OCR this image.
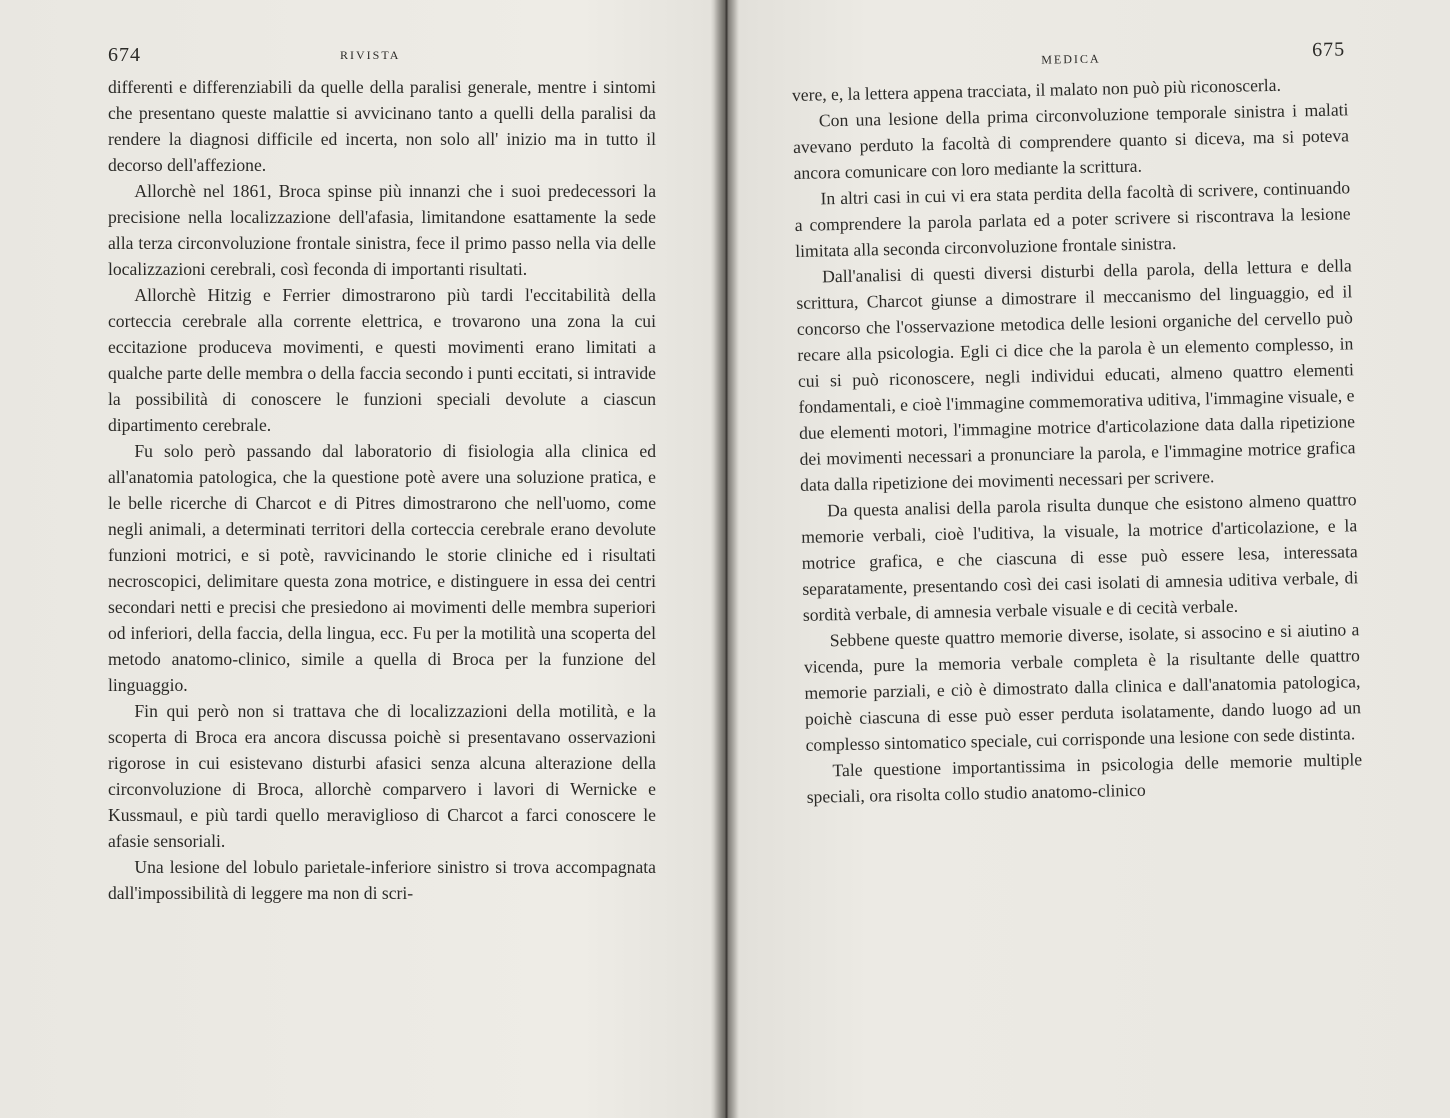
674	RIVISTA

differenti e differenziabili da quelle della paralisi generale, mentre i sintomi che presentano queste malattie si avvicinano tanto a quelli della paralisi da rendere la diagnosi difficile ed incerta, non solo all' inizio ma in tutto il decorso dell'affezione.

Allorchè nel 1861, Broca spinse più innanzi che i suoi predecessori la precisione nella localizzazione dell'afasia, limitandone esattamente la sede alla terza circonvoluzione frontale sinistra, fece il primo passo nella via delle localizzazioni cerebrali, così feconda di importanti risultati.

Allorchè Hitzig e Ferrier dimostrarono più tardi l'eccitabilità della corteccia cerebrale alla corrente elettrica, e trovarono una zona la cui eccitazione produceva movimenti, e questi movimenti erano limitati a qualche parte delle membra o della faccia secondo i punti eccitati, si intravide la possibilità di conoscere le funzioni speciali devolute a ciascun dipartimento cerebrale.

Fu solo però passando dal laboratorio di fisiologia alla clinica ed all'anatomia patologica, che la questione potè avere una soluzione pratica, e le belle ricerche di Charcot e di Pitres dimostrarono che nell'uomo, come negli animali, a determinati territori della corteccia cerebrale erano devolute funzioni motrici, e si potè, ravvicinando le storie cliniche ed i risultati necroscopici, delimitare questa zona motrice, e distinguere in essa dei centri secondari netti e precisi che presiedono ai movimenti delle membra superiori od inferiori, della faccia, della lingua, ecc. Fu per la motilità una scoperta del metodo anatomo-clinico, simile a quella di Broca per la funzione del linguaggio.

Fin qui però non si trattava che di localizzazioni della motilità, e la scoperta di Broca era ancora discussa poichè si presentavano osservazioni rigorose in cui esistevano disturbi afasici senza alcuna alterazione della circonvoluzione di Broca, allorchè comparvero i lavori di Wernicke e Kussmaul, e più tardi quello meraviglioso di Charcot a farci conoscere le afasie sensoriali.

Una lesione del lobulo parietale-inferiore sinistro si trova accompagnata dall'impossibilità di leggere ma non di scri-

MEDICA	675

vere, e, la lettera appena tracciata, il malato non può più riconoscerla.

Con una lesione della prima circonvoluzione temporale sinistra i malati avevano perduto la facoltà di comprendere quanto si diceva, ma si poteva ancora comunicare con loro mediante la scrittura.

In altri casi in cui vi era stata perdita della facoltà di scrivere, continuando a comprendere la parola parlata ed a poter scrivere si riscontrava la lesione limitata alla seconda circonvoluzione frontale sinistra.

Dall'analisi di questi diversi disturbi della parola, della lettura e della scrittura, Charcot giunse a dimostrare il meccanismo del linguaggio, ed il concorso che l'osservazione metodica delle lesioni organiche del cervello può recare alla psicologia. Egli ci dice che la parola è un elemento complesso, in cui si può riconoscere, negli individui educati, almeno quattro elementi fondamentali, e cioè l'immagine commemorativa uditiva, l'immagine visuale, e due elementi motori, l'immagine motrice d'articolazione data dalla ripetizione dei movimenti necessari a pronunciare la parola, e l'immagine motrice grafica data dalla ripetizione dei movimenti necessari per scrivere.

Da questa analisi della parola risulta dunque che esistono almeno quattro memorie verbali, cioè l'uditiva, la visuale, la motrice d'articolazione, e la motrice grafica, e che ciascuna di esse può essere lesa, interessata separatamente, presentando così dei casi isolati di amnesia uditiva verbale, di sordità verbale, di amnesia verbale visuale e di cecità verbale.

Sebbene queste quattro memorie diverse, isolate, si associno e si aiutino a vicenda, pure la memoria verbale completa è la risultante delle quattro memorie parziali, e ciò è dimostrato dalla clinica e dall'anatomia patologica, poichè ciascuna di esse può esser perduta isolatamente, dando luogo ad un complesso sintomatico speciale, cui corrisponde una lesione con sede distinta.

Tale questione importantissima in psicologia delle memorie multiple speciali, ora risolta collo studio anatomo-clinico
